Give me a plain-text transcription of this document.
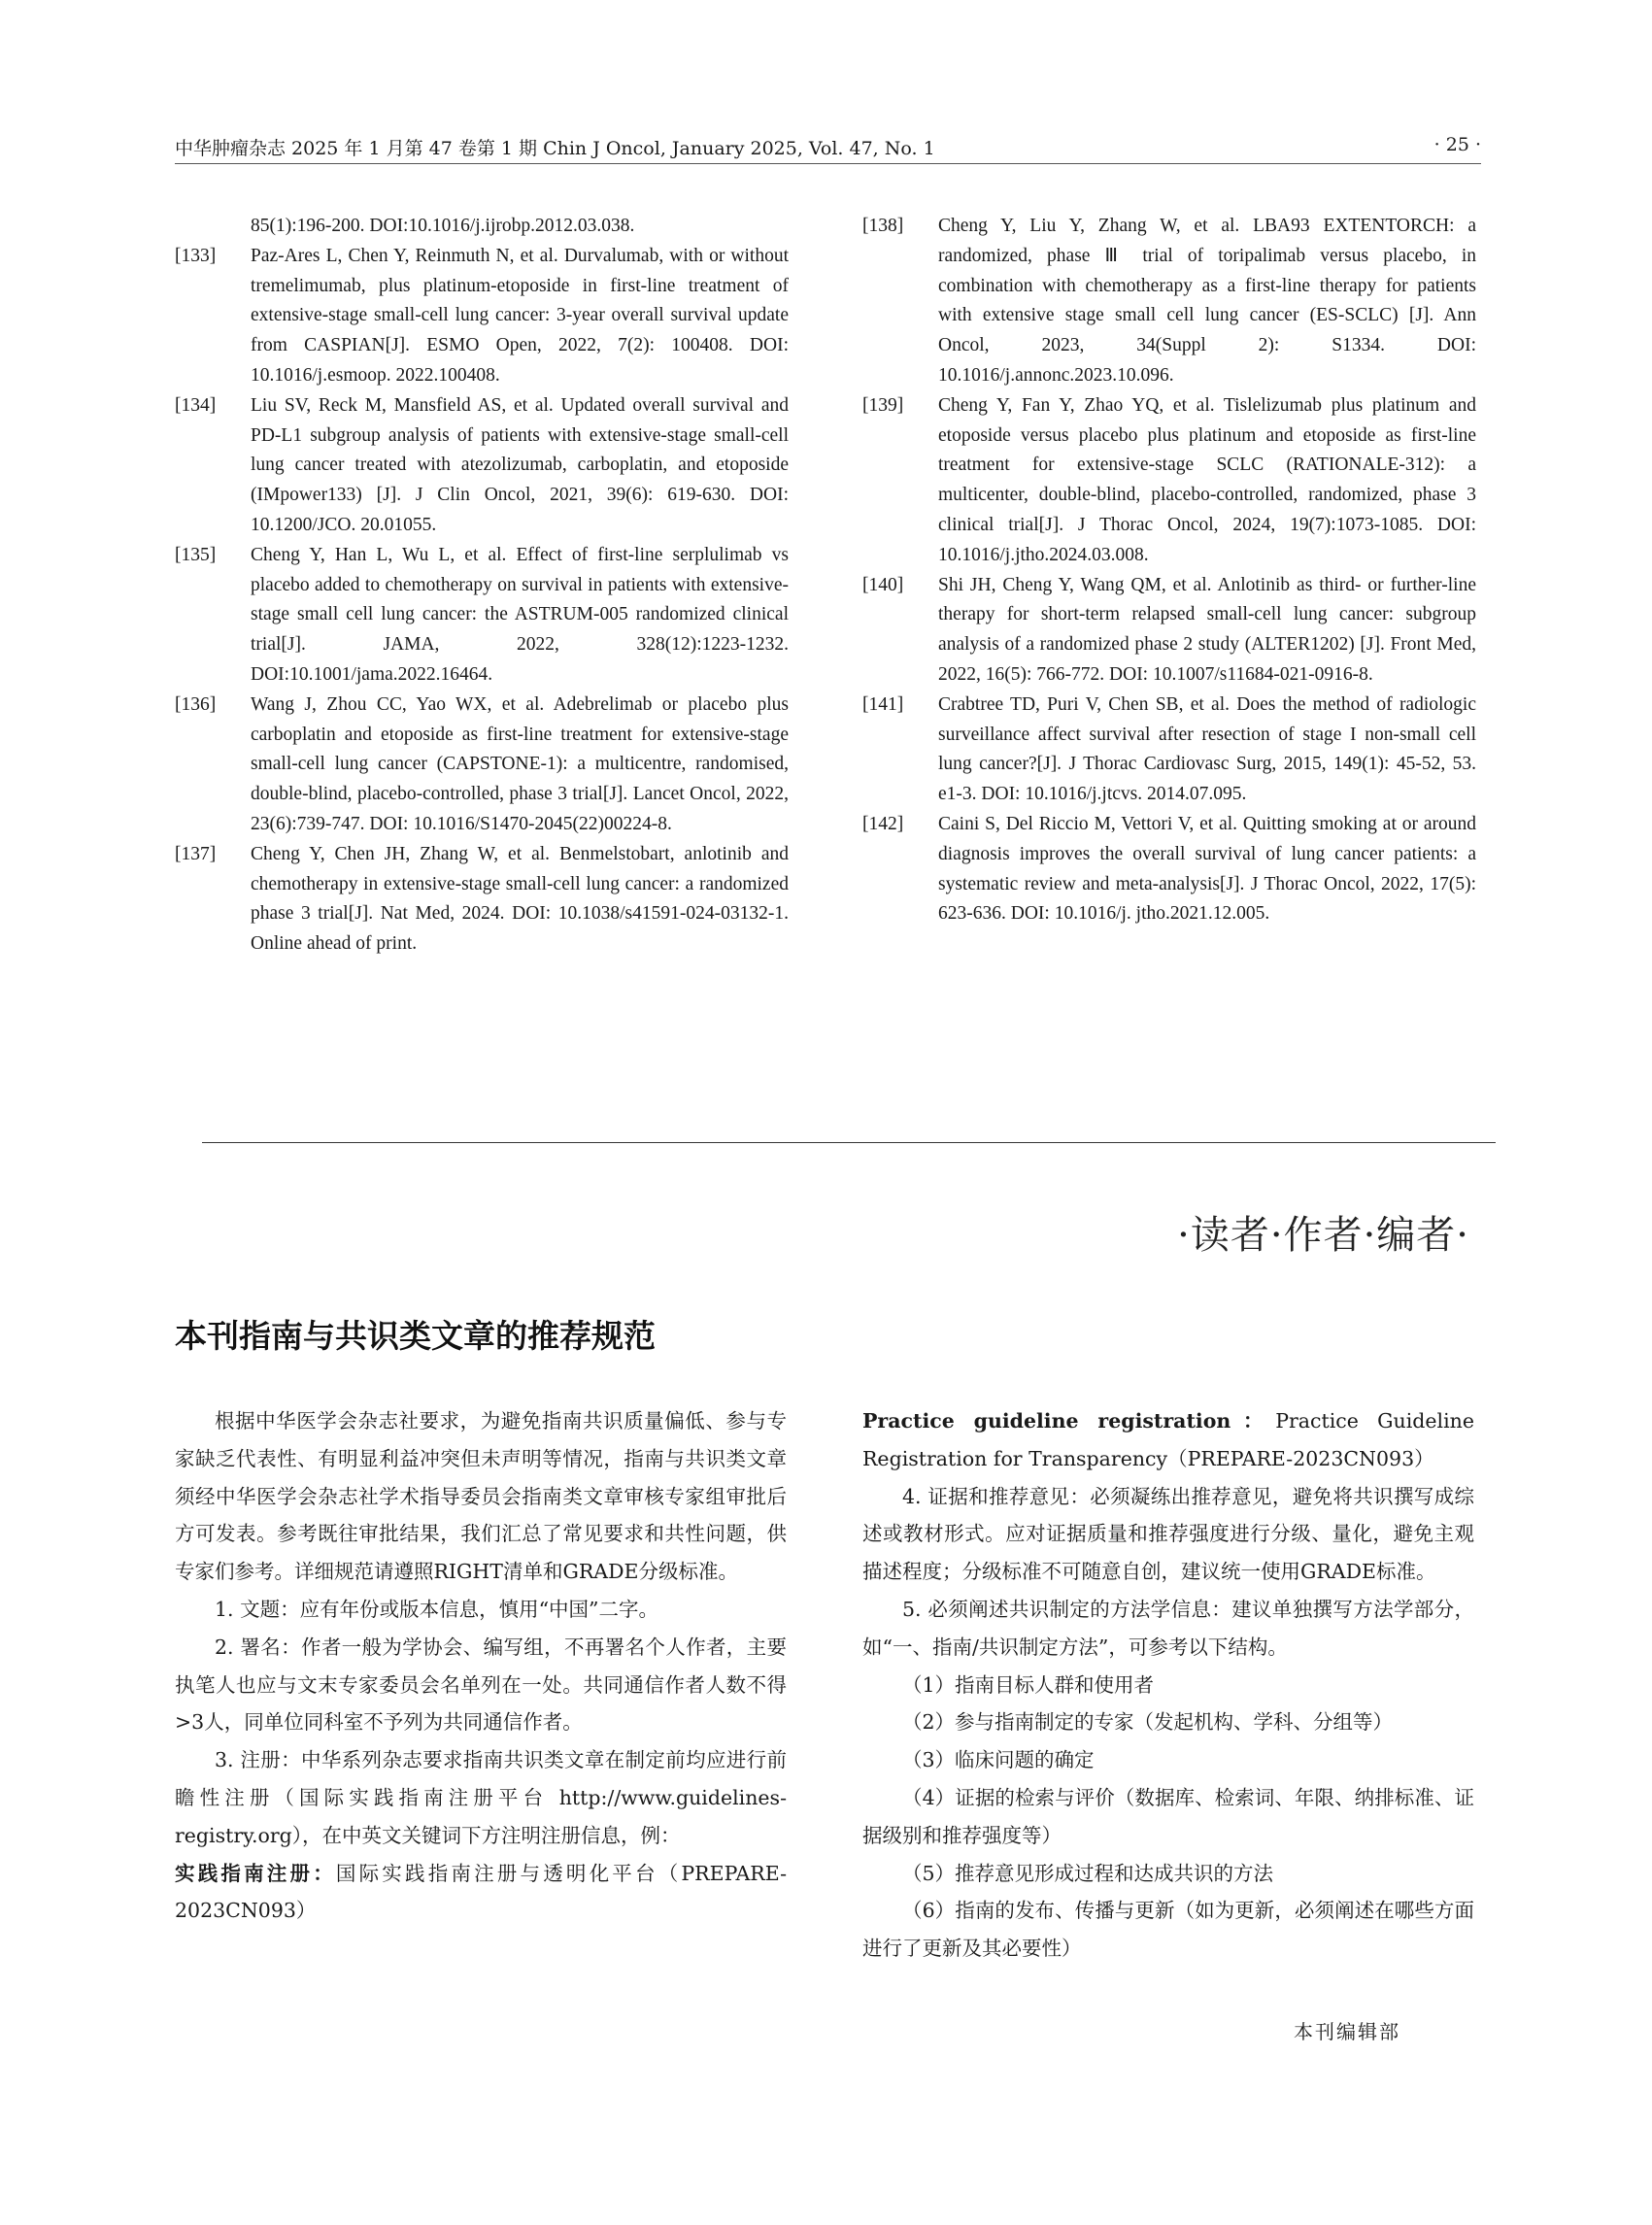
中华肿瘤杂志 2025 年 1 月第 47 卷第 1 期 Chin J Oncol, January 2025, Vol. 47, No. 1	· 25 ·

85(1):196-200. DOI:10.1016/j.ijrobp.2012.03.038.

[133] Paz-Ares L, Chen Y, Reinmuth N, et al. Durvalumab, with or without tremelimumab, plus platinum-etoposide in first-line treatment of extensive-stage small-cell lung cancer: 3-year overall survival update from CASPIAN[J]. ESMO Open, 2022, 7(2): 100408. DOI: 10.1016/j.esmoop. 2022.100408.

[134] Liu SV, Reck M, Mansfield AS, et al. Updated overall survival and PD-L1 subgroup analysis of patients with extensive-stage small-cell lung cancer treated with atezolizumab, carboplatin, and etoposide (IMpower133) [J]. J Clin Oncol, 2021, 39(6): 619-630. DOI: 10.1200/JCO. 20.01055.

[135] Cheng Y, Han L, Wu L, et al. Effect of first-line serplulimab vs placebo added to chemotherapy on survival in patients with extensive-stage small cell lung cancer: the ASTRUM-005 randomized clinical trial[J]. JAMA, 2022, 328(12):1223-1232. DOI:10.1001/jama.2022.16464.

[136] Wang J, Zhou CC, Yao WX, et al. Adebrelimab or placebo plus carboplatin and etoposide as first-line treatment for extensive-stage small-cell lung cancer (CAPSTONE-1): a multicentre, randomised, double-blind, placebo-controlled, phase 3 trial[J]. Lancet Oncol, 2022, 23(6):739-747. DOI: 10.1016/S1470-2045(22)00224-8.

[137] Cheng Y, Chen JH, Zhang W, et al. Benmelstobart, anlotinib and chemotherapy in extensive-stage small-cell lung cancer: a randomized phase 3 trial[J]. Nat Med, 2024. DOI: 10.1038/s41591-024-03132-1. Online ahead of print.

[138] Cheng Y, Liu Y, Zhang W, et al. LBA93 EXTENTORCH: a randomized, phase Ⅲ trial of toripalimab versus placebo, in combination with chemotherapy as a first-line therapy for patients with extensive stage small cell lung cancer (ES-SCLC) [J]. Ann Oncol, 2023, 34(Suppl 2): S1334. DOI: 10.1016/j.annonc.2023.10.096.

[139] Cheng Y, Fan Y, Zhao YQ, et al. Tislelizumab plus platinum and etoposide versus placebo plus platinum and etoposide as first-line treatment for extensive-stage SCLC (RATIONALE-312): a multicenter, double-blind, placebo-controlled, randomized, phase 3 clinical trial[J]. J Thorac Oncol, 2024, 19(7):1073-1085. DOI: 10.1016/j.jtho.2024.03.008.

[140] Shi JH, Cheng Y, Wang QM, et al. Anlotinib as third- or further-line therapy for short-term relapsed small-cell lung cancer: subgroup analysis of a randomized phase 2 study (ALTER1202) [J]. Front Med, 2022, 16(5): 766-772. DOI: 10.1007/s11684-021-0916-8.

[141] Crabtree TD, Puri V, Chen SB, et al. Does the method of radiologic surveillance affect survival after resection of stage I non-small cell lung cancer?[J]. J Thorac Cardiovasc Surg, 2015, 149(1): 45-52, 53. e1-3. DOI: 10.1016/j.jtcvs. 2014.07.095.

[142] Caini S, Del Riccio M, Vettori V, et al. Quitting smoking at or around diagnosis improves the overall survival of lung cancer patients: a systematic review and meta-analysis[J]. J Thorac Oncol, 2022, 17(5): 623-636. DOI: 10.1016/j. jtho.2021.12.005.

·读者·作者·编者·
本刊指南与共识类文章的推荐规范

根据中华医学会杂志社要求，为避免指南共识质量偏低、参与专家缺乏代表性、有明显利益冲突但未声明等情况，指南与共识类文章须经中华医学会杂志社学术指导委员会指南类文章审核专家组审批后方可发表。参考既往审批结果，我们汇总了常见要求和共性问题，供专家们参考。详细规范请遵照RIGHT清单和GRADE分级标准。

1. 文题：应有年份或版本信息，慎用“中国”二字。

2. 署名：作者一般为学协会、编写组，不再署名个人作者，主要执笔人也应与文末专家委员会名单列在一处。共同通信作者人数不得>3人，同单位同科室不予列为共同通信作者。

3. 注册：中华系列杂志要求指南共识类文章在制定前均应进行前瞻性注册（国际实践指南注册平台 http://www.guidelines-registry.org），在中英文关键词下方注明注册信息，例：

实践指南注册：国际实践指南注册与透明化平台（PREPARE-2023CN093）

Practice guideline registration：Practice Guideline Registration for Transparency（PREPARE-2023CN093）

4. 证据和推荐意见：必须凝练出推荐意见，避免将共识撰写成综述或教材形式。应对证据质量和推荐强度进行分级、量化，避免主观描述程度；分级标准不可随意自创，建议统一使用GRADE标准。

5. 必须阐述共识制定的方法学信息：建议单独撰写方法学部分，如“一、指南/共识制定方法”，可参考以下结构。

（1）指南目标人群和使用者

（2）参与指南制定的专家（发起机构、学科、分组等）

（3）临床问题的确定

（4）证据的检索与评价（数据库、检索词、年限、纳排标准、证据级别和推荐强度等）

（5）推荐意见形成过程和达成共识的方法

（6）指南的发布、传播与更新（如为更新，必须阐述在哪些方面进行了更新及其必要性）

本刊编辑部
